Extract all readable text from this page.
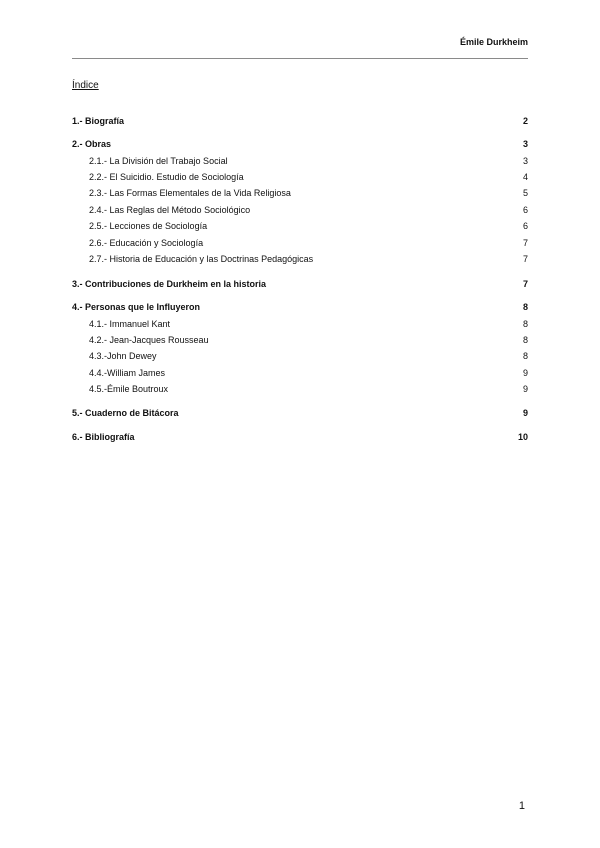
Émile Durkheim
Índice
1.- Biografía	2
2.- Obras	3
2.1.- La División del Trabajo Social	3
2.2.- El Suicidio. Estudio de Sociología	4
2.3.- Las Formas Elementales de la Vida Religiosa	5
2.4.- Las Reglas del Método Sociológico	6
2.5.- Lecciones de Sociología	6
2.6.- Educación y Sociología	7
2.7.- Historia de Educación y las Doctrinas Pedagógicas	7
3.- Contribuciones de Durkheim en la historia	7
4.- Personas que le Influyeron	8
4.1.- Immanuel Kant	8
4.2.- Jean-Jacques Rousseau	8
4.3.-John Dewey	8
4.4.-William James	9
4.5.-Émile Boutroux	9
5.- Cuaderno de Bitácora	9
6.- Bibliografía	10
1
